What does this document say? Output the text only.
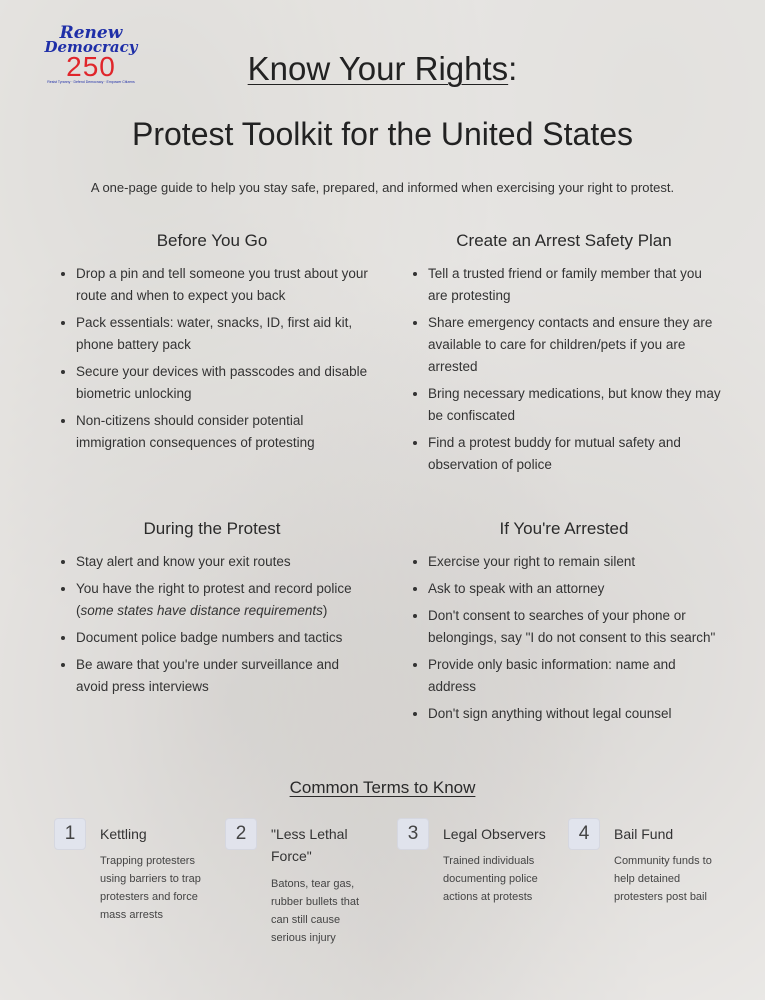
Renew
Democracy
250
Resist Tyranny · Defend Democracy · Empower Citizens	Know Your Rights:
Protest Toolkit for the United States
A one-page guide to help you stay safe, prepared, and informed when exercising your right to protest.
Before You Go
• Drop a pin and tell someone you trust about your route and when to expect you back
• Pack essentials: water, snacks, ID, first aid kit, phone battery pack
• Secure your devices with passcodes and disable biometric unlocking
• Non-citizens should consider potential immigration consequences of protesting
Create an Arrest Safety Plan
• Tell a trusted friend or family member that you are protesting
• Share emergency contacts and ensure they are available to care for children/pets if you are arrested
• Bring necessary medications, but know they may be confiscated
• Find a protest buddy for mutual safety and observation of police
During the Protest
• Stay alert and know your exit routes
• You have the right to protest and record police (some states have distance requirements)
• Document police badge numbers and tactics
• Be aware that you're under surveillance and avoid press interviews
If You're Arrested
• Exercise your right to remain silent
• Ask to speak with an attorney
• Don't consent to searches of your phone or belongings, say "I do not consent to this search"
• Provide only basic information: name and address
• Don't sign anything without legal counsel
Common Terms to Know
1	Kettling
Trapping protesters using barriers to trap protesters and force mass arrests
2	"Less Lethal Force"
Batons, tear gas, rubber bullets that can still cause serious injury
3	Legal Observers
Trained individuals documenting police actions at protests
4	Bail Fund
Community funds to help detained protesters post bail
